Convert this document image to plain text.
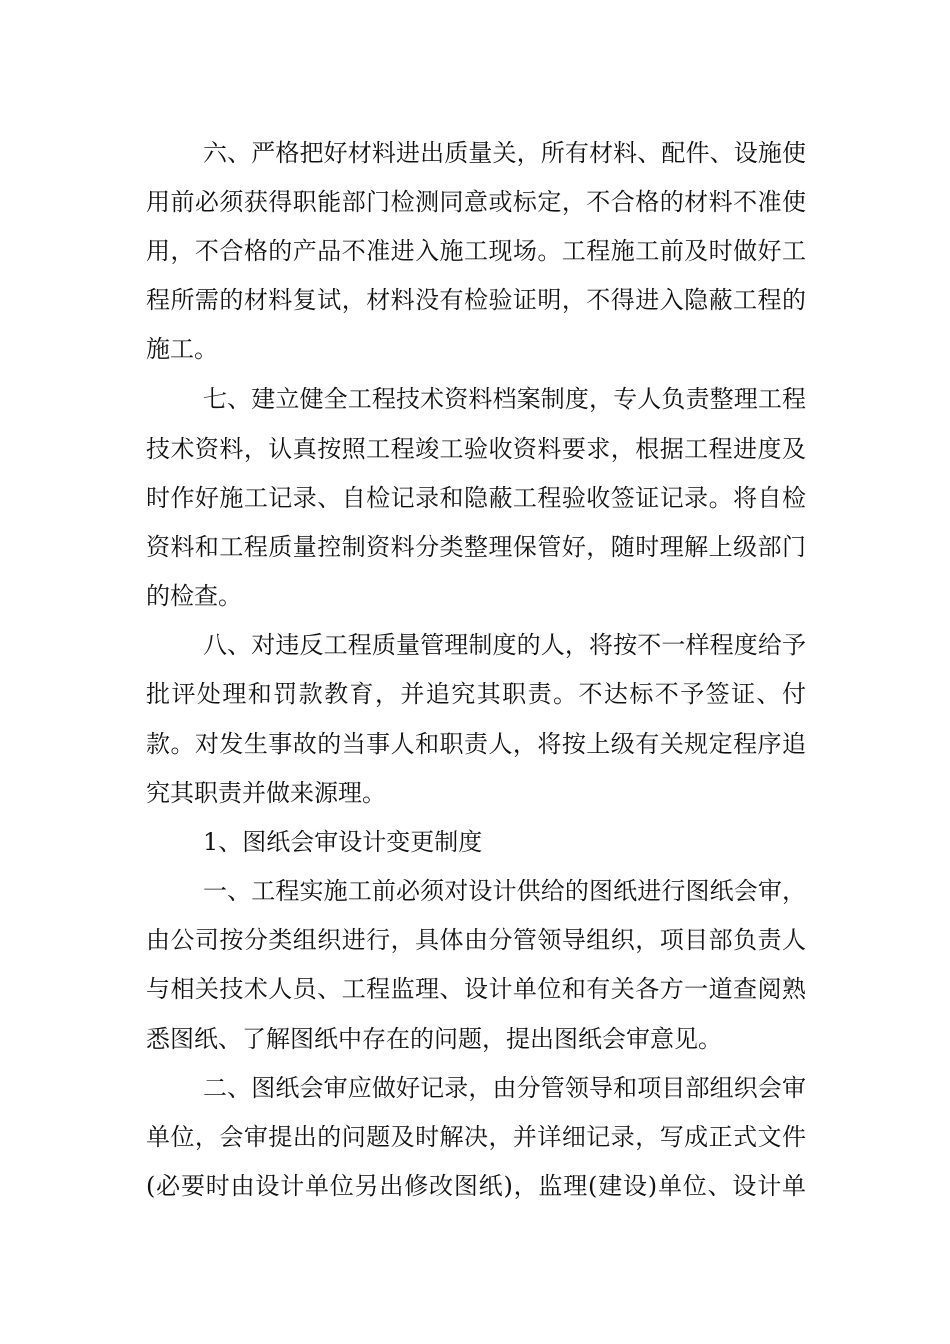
六、严格把好材料进出质量关，所有材料、配件、设施使
用前必须获得职能部门检测同意或标定，不合格的材料不准使
用，不合格的产品不准进入施工现场。工程施工前及时做好工
程所需的材料复试，材料没有检验证明，不得进入隐蔽工程的
施工。
七、建立健全工程技术资料档案制度，专人负责整理工程
技术资料，认真按照工程竣工验收资料要求，根据工程进度及
时作好施工记录、自检记录和隐蔽工程验收签证记录。将自检
资料和工程质量控制资料分类整理保管好，随时理解上级部门
的检查。
八、对违反工程质量管理制度的人，将按不一样程度给予
批评处理和罚款教育，并追究其职责。不达标不予签证、付
款。对发生事故的当事人和职责人，将按上级有关规定程序追
究其职责并做来源理。
1、图纸会审设计变更制度
一、工程实施工前必须对设计供给的图纸进行图纸会审，
由公司按分类组织进行，具体由分管领导组织，项目部负责人
与相关技术人员、工程监理、设计单位和有关各方一道查阅熟
悉图纸、了解图纸中存在的问题，提出图纸会审意见。
二、图纸会审应做好记录，由分管领导和项目部组织会审
单位，会审提出的问题及时解决，并详细记录，写成正式文件
(必要时由设计单位另出修改图纸)，监理(建设)单位、设计单
